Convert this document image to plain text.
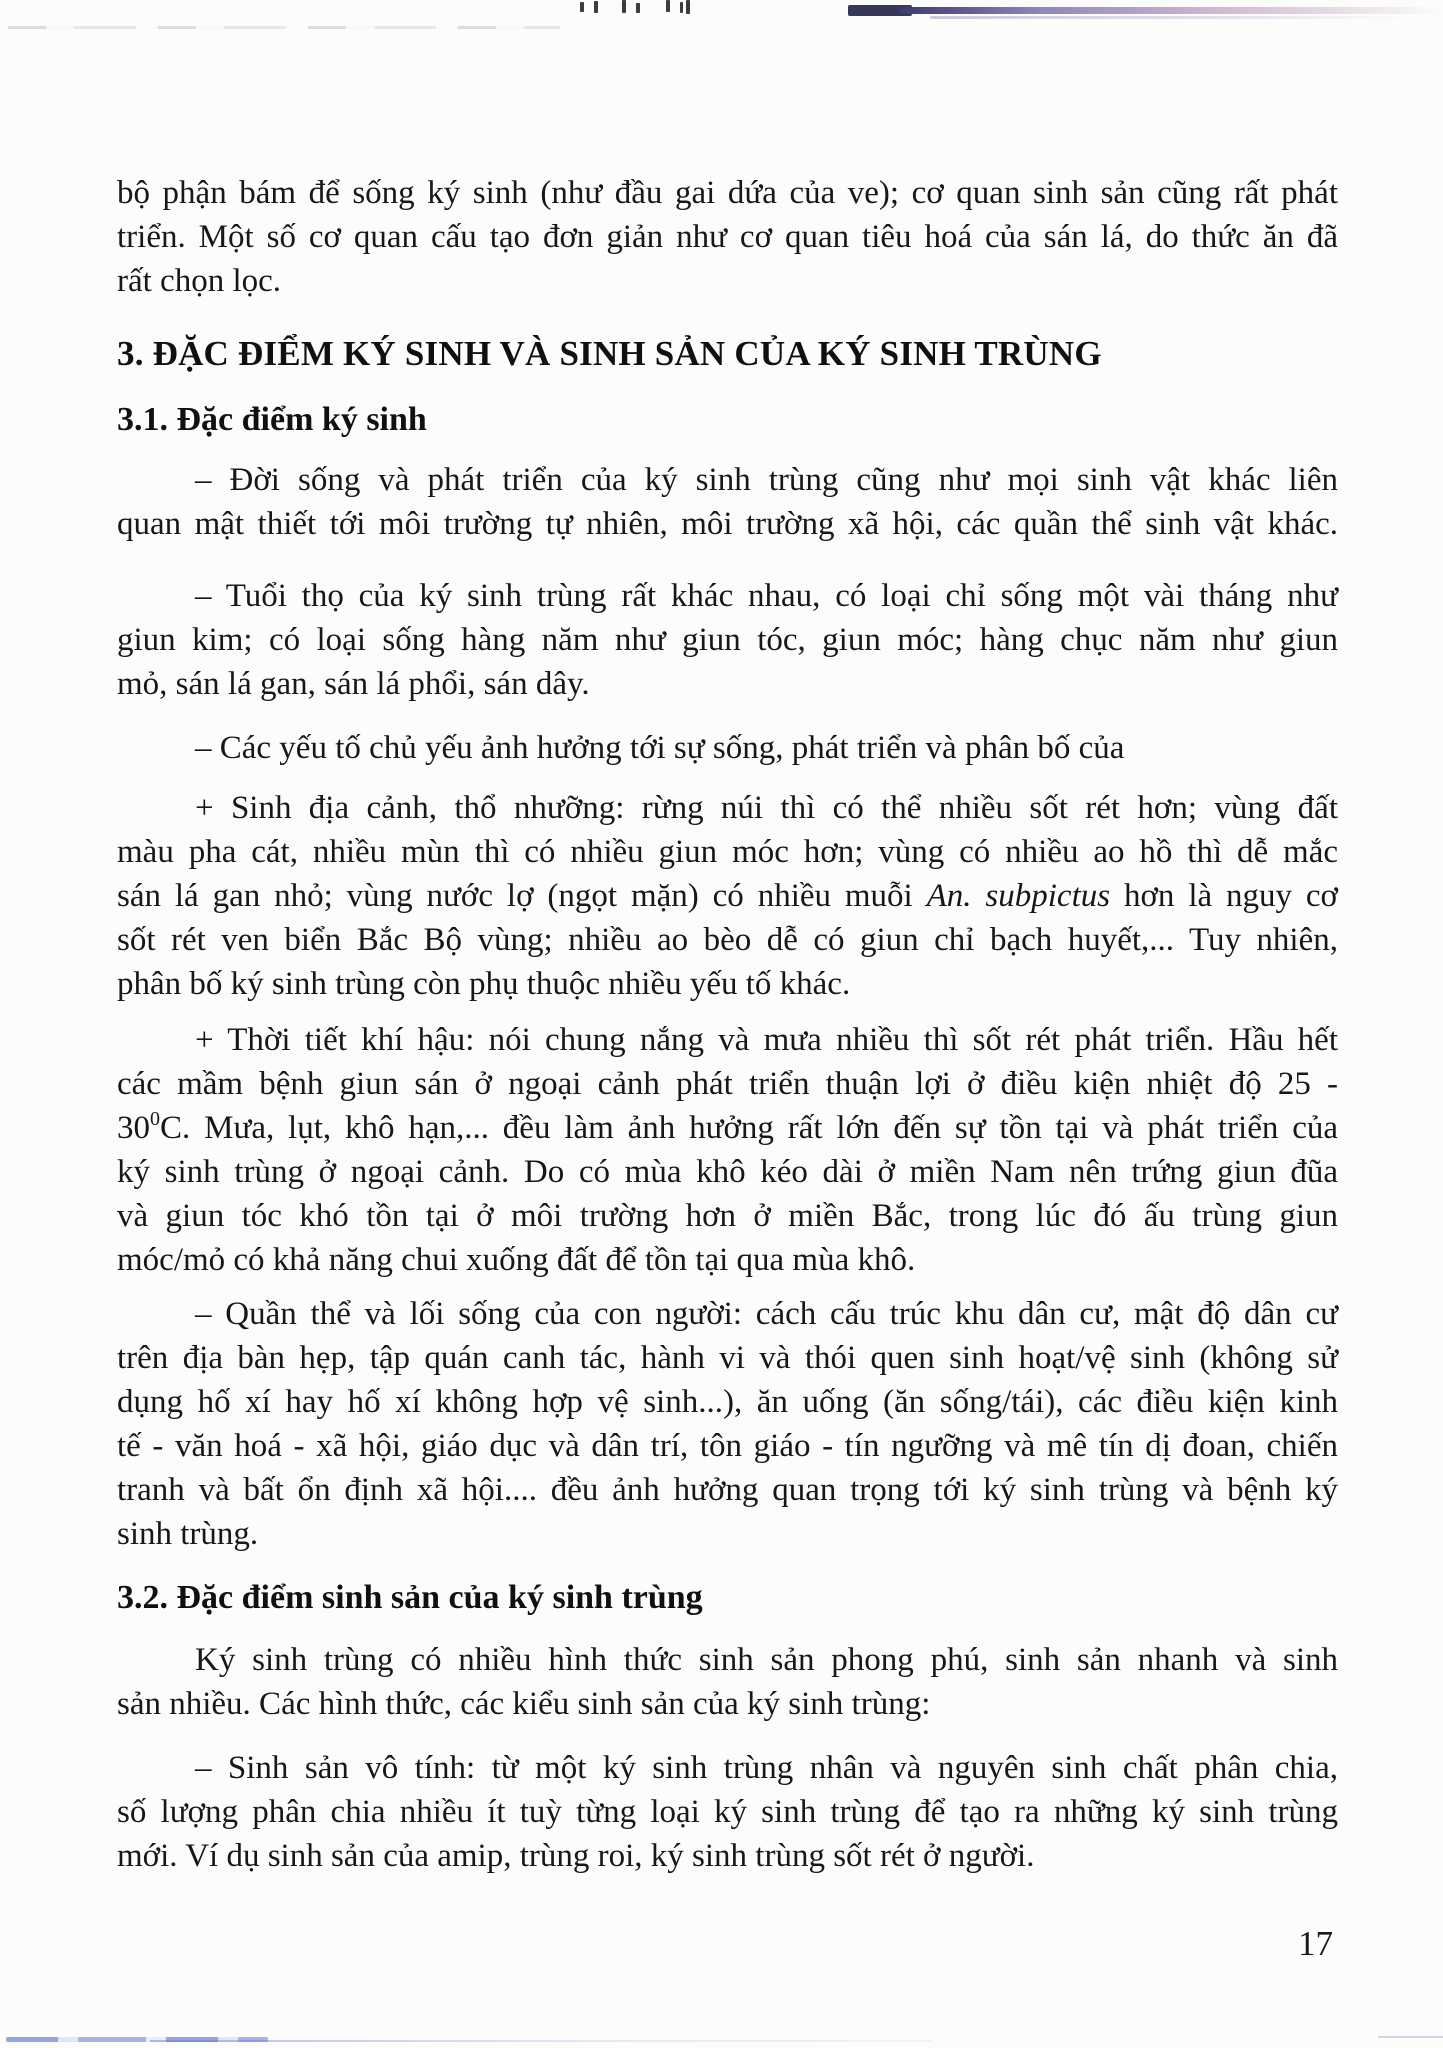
bộ phận bám để sống ký sinh (như đầu gai dứa của ve); cơ quan sinh sản cũng rất phát
triển. Một số cơ quan cấu tạo đơn giản như cơ quan tiêu hoá của sán lá, do thức ăn đã
rất chọn lọc.
3. ĐẶC ĐIỂM KÝ SINH VÀ SINH SẢN CỦA KÝ SINH TRÙNG
3.1. Đặc điểm ký sinh
– Đời sống và phát triển của ký sinh trùng cũng như mọi sinh vật khác liên
quan mật thiết tới môi trường tự nhiên, môi trường xã hội, các quần thể sinh vật khác.
– Tuổi thọ của ký sinh trùng rất khác nhau, có loại chỉ sống một vài tháng như
giun kim; có loại sống hàng năm như giun tóc, giun móc; hàng chục năm như giun
mỏ, sán lá gan, sán lá phổi, sán dây.
– Các yếu tố chủ yếu ảnh hưởng tới sự sống, phát triển và phân bố của
+ Sinh địa cảnh, thổ nhưỡng: rừng núi thì có thể nhiều sốt rét hơn; vùng đất
màu pha cát, nhiều mùn thì có nhiều giun móc hơn; vùng có nhiều ao hồ thì dễ mắc
sán lá gan nhỏ; vùng nước lợ (ngọt mặn) có nhiều muỗi An. subpictus hơn là nguy cơ
sốt rét ven biển Bắc Bộ vùng; nhiều ao bèo dễ có giun chỉ bạch huyết,... Tuy nhiên,
phân bố ký sinh trùng còn phụ thuộc nhiều yếu tố khác.
+ Thời tiết khí hậu: nói chung nắng và mưa nhiều thì sốt rét phát triển. Hầu hết
các mầm bệnh giun sán ở ngoại cảnh phát triển thuận lợi ở điều kiện nhiệt độ 25 -
$30^0C$. Mưa, lụt, khô hạn,... đều làm ảnh hưởng rất lớn đến sự tồn tại và phát triển của
ký sinh trùng ở ngoại cảnh. Do có mùa khô kéo dài ở miền Nam nên trứng giun đũa
và giun tóc khó tồn tại ở môi trường hơn ở miền Bắc, trong lúc đó ấu trùng giun
móc/mỏ có khả năng chui xuống đất để tồn tại qua mùa khô.
– Quần thể và lối sống của con người: cách cấu trúc khu dân cư, mật độ dân cư
trên địa bàn hẹp, tập quán canh tác, hành vi và thói quen sinh hoạt/vệ sinh (không sử
dụng hố xí hay hố xí không hợp vệ sinh...), ăn uống (ăn sống/tái), các điều kiện kinh
tế - văn hoá - xã hội, giáo dục và dân trí, tôn giáo - tín ngưỡng và mê tín dị đoan, chiến
tranh và bất ổn định xã hội.... đều ảnh hưởng quan trọng tới ký sinh trùng và bệnh ký
sinh trùng.
3.2. Đặc điểm sinh sản của ký sinh trùng
Ký sinh trùng có nhiều hình thức sinh sản phong phú, sinh sản nhanh và sinh
sản nhiều. Các hình thức, các kiểu sinh sản của ký sinh trùng:
– Sinh sản vô tính: từ một ký sinh trùng nhân và nguyên sinh chất phân chia,
số lượng phân chia nhiều ít tuỳ từng loại ký sinh trùng để tạo ra những ký sinh trùng
mới. Ví dụ sinh sản của amip, trùng roi, ký sinh trùng sốt rét ở người.
17
